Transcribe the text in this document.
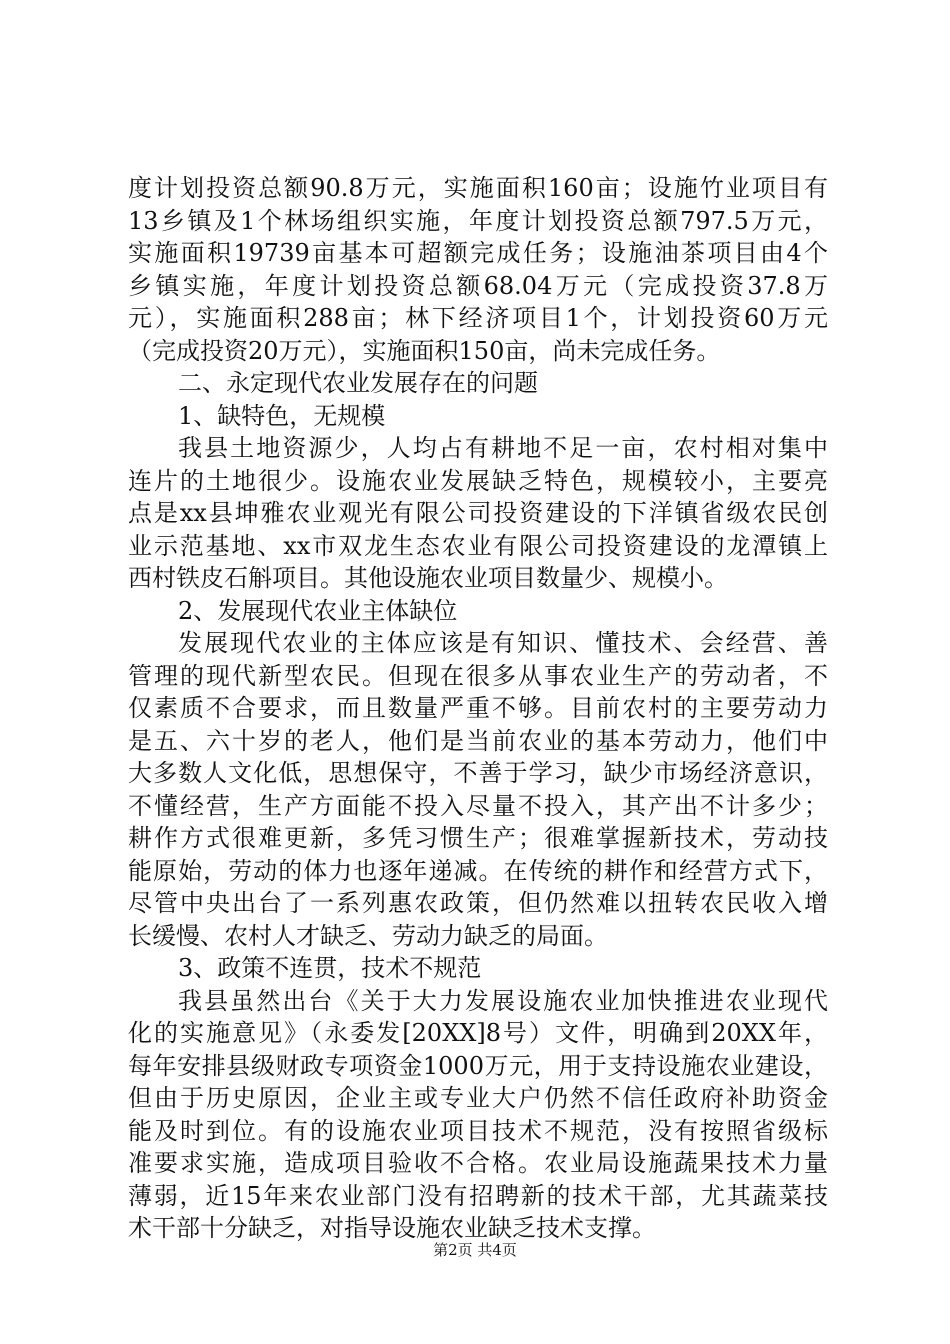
度计划投资总额90.8万元，实施面积160亩；设施竹业项目有
13乡镇及1个林场组织实施，年度计划投资总额797.5万元，
实施面积19739亩基本可超额完成任务；设施油茶项目由4个
乡镇实施，年度计划投资总额68.04万元（完成投资37.8万
元），实施面积288亩；林下经济项目1个，计划投资60万元
（完成投资20万元），实施面积150亩，尚未完成任务。
二、永定现代农业发展存在的问题
1、缺特色，无规模
我县土地资源少，人均占有耕地不足一亩，农村相对集中
连片的土地很少。设施农业发展缺乏特色，规模较小，主要亮
点是xx县坤雅农业观光有限公司投资建设的下洋镇省级农民创
业示范基地、xx市双龙生态农业有限公司投资建设的龙潭镇上
西村铁皮石斛项目。其他设施农业项目数量少、规模小。
2、发展现代农业主体缺位
发展现代农业的主体应该是有知识、懂技术、会经营、善
管理的现代新型农民。但现在很多从事农业生产的劳动者，不
仅素质不合要求，而且数量严重不够。目前农村的主要劳动力
是五、六十岁的老人，他们是当前农业的基本劳动力，他们中
大多数人文化低，思想保守，不善于学习，缺少市场经济意识，
不懂经营，生产方面能不投入尽量不投入，其产出不计多少；
耕作方式很难更新，多凭习惯生产；很难掌握新技术，劳动技
能原始，劳动的体力也逐年递减。在传统的耕作和经营方式下，
尽管中央出台了一系列惠农政策，但仍然难以扭转农民收入增
长缓慢、农村人才缺乏、劳动力缺乏的局面。
3、政策不连贯，技术不规范
我县虽然出台《关于大力发展设施农业加快推进农业现代
化的实施意见》（永委发[20XX]8号）文件，明确到20XX年，
每年安排县级财政专项资金1000万元，用于支持设施农业建设，
但由于历史原因，企业主或专业大户仍然不信任政府补助资金
能及时到位。有的设施农业项目技术不规范，没有按照省级标
准要求实施，造成项目验收不合格。农业局设施蔬果技术力量
薄弱，近15年来农业部门没有招聘新的技术干部，尤其蔬菜技
术干部十分缺乏，对指导设施农业缺乏技术支撑。
第2页 共4页
